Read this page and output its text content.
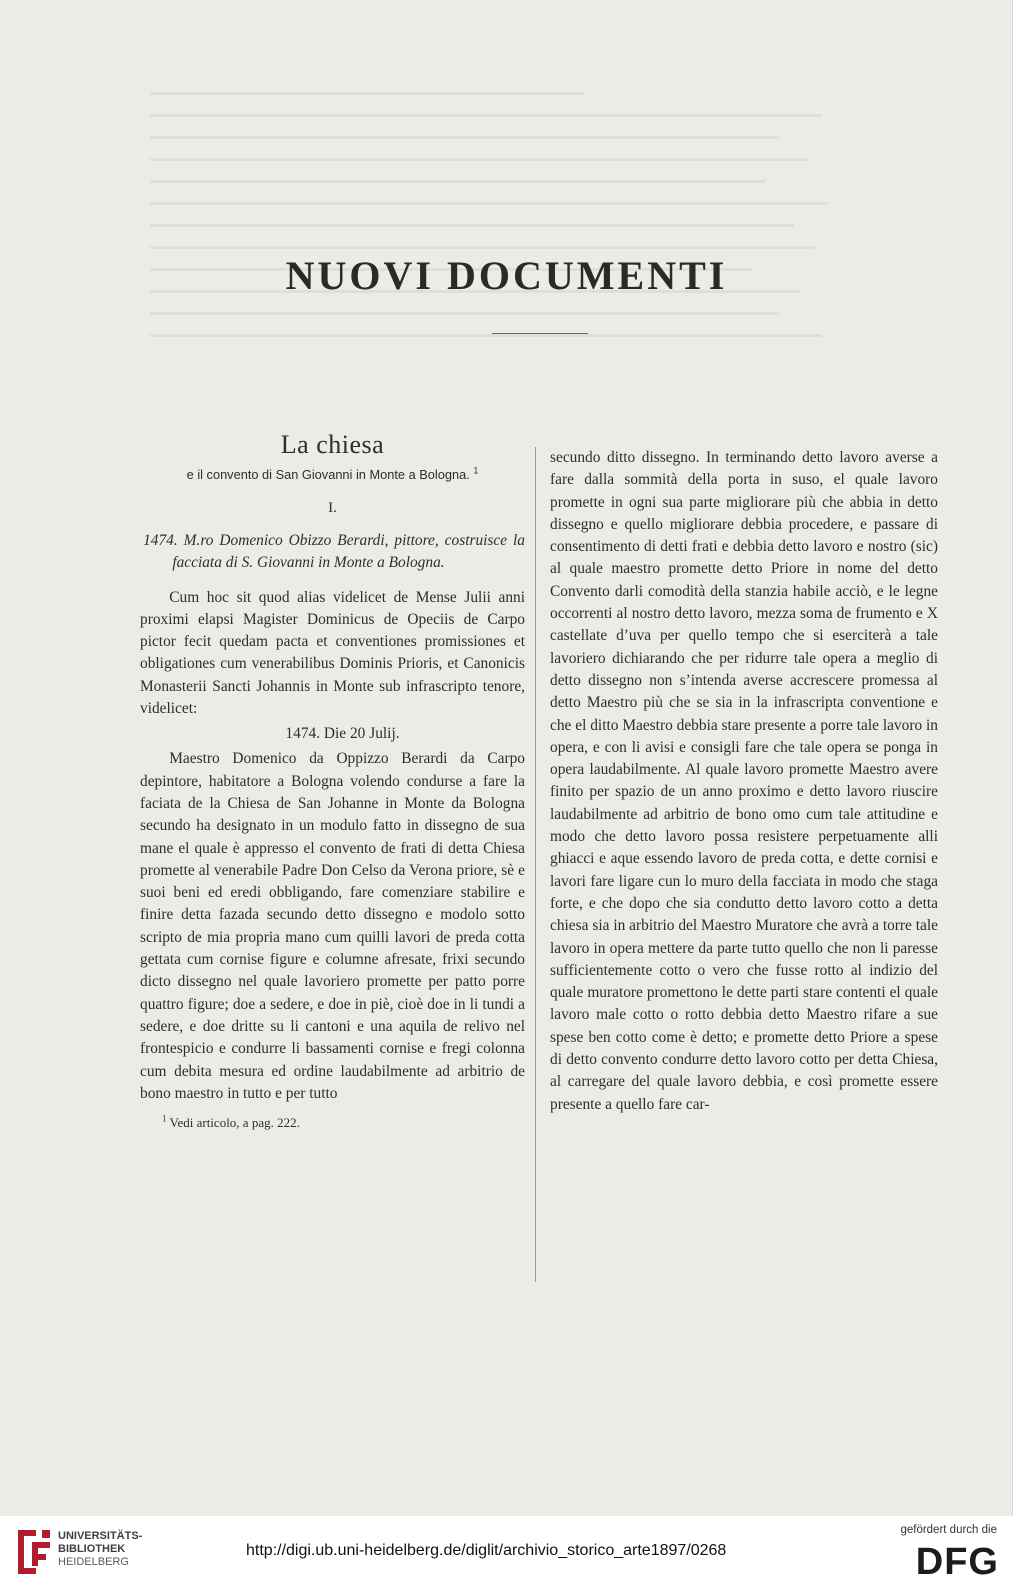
NUOVI DOCUMENTI
La chiesa
e il convento di San Giovanni in Monte a Bologna. $^1$
I.

1474. M.ro Domenico Obizzo Berardi, pittore, costruisce la facciata di S. Giovanni in Monte a Bologna.

Cum hoc sit quod alias videlicet de Mense Julii anni proximi elapsi Magister Dominicus de Opeciis de Carpo pictor fecit quedam pacta et conventiones promissiones et obligationes cum venerabilibus Dominis Prioris, et Canonicis Monasterii Sancti Johannis in Monte sub infrascripto tenore, videlicet:

1474. Die 20 Julij.

Maestro Domenico da Oppizzo Berardi da Carpo depintore, habitatore a Bologna volendo condurse a fare la faciata de la Chiesa de San Johanne in Monte da Bologna secundo ha designato in un modulo fatto in dissegno de sua mane el quale è appresso el convento de frati di detta Chiesa promette al venerabile Padre Don Celso da Verona priore, sè e suoi beni ed eredi obbligando, fare comenziare stabilire e finire detta fazada secundo detto dissegno e modolo sotto scripto de mia propria mano cum quilli lavori de preda cotta gettata cum cornise figure e columne afresate, frixi secundo dicto dissegno nel quale lavoriero promette per patto porre quattro figure; doe a sedere, e doe in piè, cioè doe in li tundi a sedere, e doe dritte su li cantoni e una aquila de relivo nel frontespicio e condurre li bassamenti cornise e fregi colonna cum debita mesura ed ordine laudabilmente ad arbitrio de bono maestro in tutto e per tutto

$^1$ Vedi articolo, a pag. 222.

secundo ditto dissegno. In terminando detto lavoro averse a fare dalla sommità della porta in suso, el quale lavoro promette in ogni sua parte migliorare più che abbia in detto dissegno e quello migliorare debbia procedere, e passare di consentimento di detti frati e debbia detto lavoro e nostro (sic) al quale maestro promette detto Priore in nome del detto Convento darli comodità della stanzia habile acciò, e le legne occorrenti al nostro detto lavoro, mezza soma de frumento e X castellate d’uva per quello tempo che si eserciterà a tale lavoriero dichiarando che per ridurre tale opera a meglio di detto dissegno non s’intenda averse accrescere promessa al detto Maestro più che se sia in la infrascripta conventione e che el ditto Maestro debbia stare presente a porre tale lavoro in opera, e con li avisi e consigli fare che tale opera se ponga in opera laudabilmente. Al quale lavoro promette Maestro avere finito per spazio de un anno proximo e detto lavoro riuscire laudabilmente ad arbitrio de bono omo cum tale attitudine e modo che detto lavoro possa resistere perpetuamente alli ghiacci e aque essendo lavoro de preda cotta, e dette cornisi e lavori fare ligare cun lo muro della facciata in modo che staga forte, e che dopo che sia condutto detto lavoro cotto a detta chiesa sia in arbitrio del Maestro Muratore che avrà a torre tale lavoro in opera mettere da parte tutto quello che non li paresse sufficientemente cotto o vero che fusse rotto al indizio del quale muratore promettono le dette parti stare contenti el quale lavoro male cotto o rotto debbia detto Maestro rifare a sue spese ben cotto come è detto; e promette detto Priore a spese di detto convento condurre detto lavoro cotto per detta Chiesa, al carregare del quale lavoro debbia, e così promette essere presente a quello fare car-

UNIVERSITÄTS-
BIBLIOTHEK
HEIDELBERG
http://digi.ub.uni-heidelberg.de/diglit/archivio_storico_arte1897/0268
gefördert durch die
DFG
